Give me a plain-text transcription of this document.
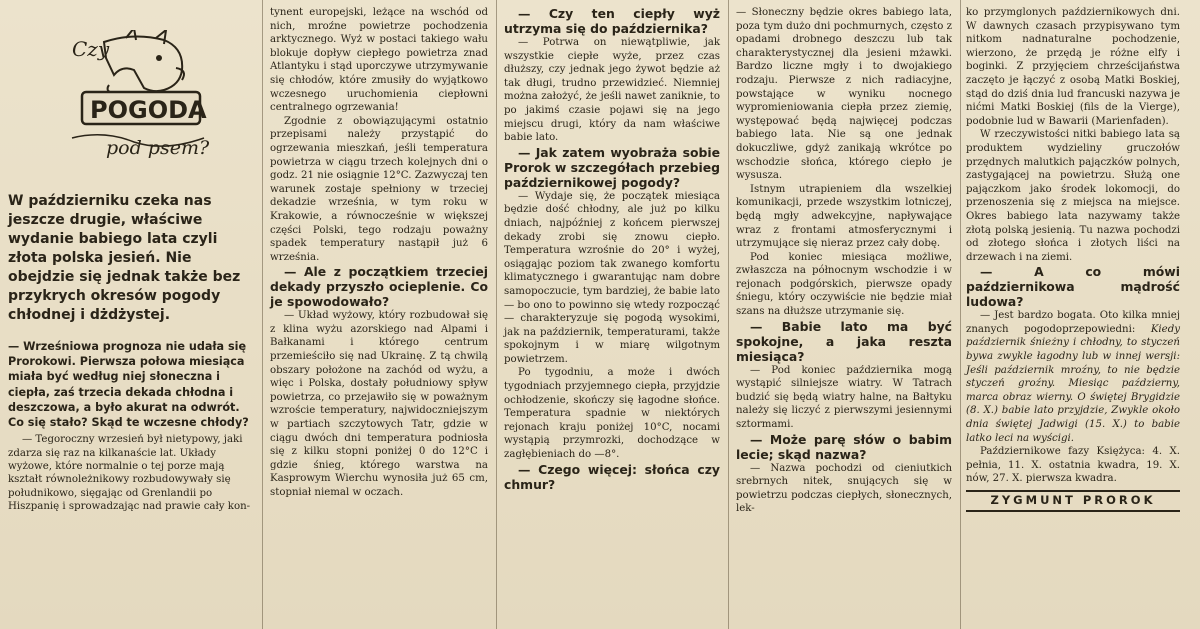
Czy
POGODA
pod psem?

W październiku czeka nas jeszcze drugie, właściwe wydanie babiego lata czyli złota polska jesień. Nie obejdzie się jednak także bez przykrych okresów pogody chłodnej i dżdżystej.

— Wrześniowa prognoza nie udała się Prorokowi. Pierwsza połowa miesiąca miała być według niej słoneczna i ciepła, zaś trzecia dekada chłodna i deszczowa, a było akurat na odwrót. Co się stało? Skąd te wczesne chłody?

— Tegoroczny wrzesień był nietypowy, jaki zdarza się raz na kilkanaście lat. Układy wyżowe, które normalnie o tej porze mają kształt równoleżnikowy rozbudowywały się południkowo, sięgając od Grenlandii po Hiszpanię i sprowadzając nad prawie cały kon-

tynent europejski, leżące na wschód od nich, mroźne powietrze pochodzenia arktycznego. Wyż w postaci takiego wału blokuje dopływ ciepłego powietrza znad Atlantyku i stąd uporczywe utrzymywanie się chłodów, które zmusiły do wyjątkowo wczesnego uruchomienia ciepłowni centralnego ogrzewania!

Zgodnie z obowiązującymi ostatnio przepisami należy przystąpić do ogrzewania mieszkań, jeśli temperatura powietrza w ciągu trzech kolejnych dni o godz. 21 nie osiągnie 12°C. Zazwyczaj ten warunek zostaje spełniony w trzeciej dekadzie września, w tym roku w Krakowie, a równocześnie w większej części Polski, tego rodzaju poważny spadek temperatury nastąpił już 6 września.

— Ale z początkiem trzeciej dekady przyszło ocieplenie. Co je spowodowało?

— Układ wyżowy, który rozbudował się z klina wyżu azorskiego nad Alpami i Bałkanami i którego centrum przemieściło się nad Ukrainę. Z tą chwilą obszary położone na zachód od wyżu, a więc i Polska, dostały południowy spływ powietrza, co przejawiło się w poważnym wzroście temperatury, najwidoczniejszym w partiach szczytowych Tatr, gdzie w ciągu dwóch dni temperatura podniosła się z kilku stopni poniżej 0 do 12°C i gdzie śnieg, którego warstwa na Kasprowym Wierchu wynosiła już 65 cm, stopniał niemal w oczach.

— Czy ten ciepły wyż utrzyma się do października?

— Potrwa on niewątpliwie, jak wszystkie ciepłe wyże, przez czas dłuższy, czy jednak jego żywot będzie aż tak długi, trudno przewidzieć. Niemniej można założyć, że jeśli nawet zaniknie, to po jakimś czasie pojawi się na jego miejscu drugi, który da nam właściwe babie lato.

— Jak zatem wyobraża sobie Prorok w szczegółach przebieg październikowej pogody?

— Wydaje się, że początek miesiąca będzie dość chłodny, ale już po kilku dniach, najpóźniej z końcem pierwszej dekady zrobi się znowu ciepło. Temperatura wzrośnie do 20° i wyżej, osiągając poziom tak zwanego komfortu klimatycznego i gwarantując nam dobre samopoczucie, tym bardziej, że babie lato — bo ono to powinno się wtedy rozpocząć — charakteryzuje się pogodą wysokimi, jak na październik, temperaturami, także spokojnym i w miarę wilgotnym powietrzem.

Po tygodniu, a może i dwóch tygodniach przyjemnego ciepła, przyjdzie ochłodzenie, skończy się łagodne słońce. Temperatura spadnie w niektórych rejonach kraju poniżej 10°C, nocami wystąpią przymrozki, dochodzące w zagłębieniach do —8°.

— Czego więcej: słońca czy chmur?

— Słoneczny będzie okres babiego lata, poza tym dużo dni pochmurnych, często z opadami drobnego deszczu lub tak charakterystycznej dla jesieni mżawki. Bardzo liczne mgły i to dwojakiego rodzaju. Pierwsze z nich radiacyjne, powstające w wyniku nocnego wypromieniowania ciepła przez ziemię, występować będą najwięcej podczas babiego lata. Nie są one jednak dokuczliwe, gdyż zanikają wkrótce po wschodzie słońca, którego ciepło je wysusza.

Istnym utrapieniem dla wszelkiej komunikacji, przede wszystkim lotniczej, będą mgły adwekcyjne, napływające wraz z frontami atmosferycznymi i utrzymujące się nieraz przez cały dobę.

Pod koniec miesiąca możliwe, zwłaszcza na północnym wschodzie i w rejonach podgórskich, pierwsze opady śniegu, który oczywiście nie będzie miał szans na dłuższe utrzymanie się.

— Babie lato ma być spokojne, a jaka reszta miesiąca?

— Pod koniec października mogą wystąpić silniejsze wiatry. W Tatrach budzić się będą wiatry halne, na Bałtyku należy się liczyć z pierwszymi jesiennymi sztormami.

— Może parę słów o babim lecie; skąd nazwa?

— Nazwa pochodzi od cieniutkich srebrnych nitek, snujących się w powietrzu podczas ciepłych, słonecznych, lek-

ko przymglonych październikowych dni. W dawnych czasach przypisywano tym nitkom nadnaturalne pochodzenie, wierzono, że przędą je różne elfy i boginki. Z przyjęciem chrześcijaństwa zaczęto je łączyć z osobą Matki Boskiej, stąd do dziś dnia lud francuski nazywa je nićmi Matki Boskiej (fils de la Vierge), podobnie lud w Bawarii (Marienfaden).

W rzeczywistości nitki babiego lata są produktem wydzieliny gruczołów przędnych malutkich pajączków polnych, zastygającej na powietrzu. Służą one pajączkom jako środek lokomocji, do przenoszenia się z miejsca na miejsce. Okres babiego lata nazywamy także złotą polską jesienią. Tu nazwa pochodzi od złotego słońca i złotych liści na drzewach i na ziemi.

— A co mówi październikowa mądrość ludowa?

— Jest bardzo bogata. Oto kilka mniej znanych pogodoprzepowiedni: Kiedy październik śnieżny i chłodny, to styczeń bywa zwykle łagodny lub w innej wersji: Jeśli październik mroźny, to nie będzie styczeń groźny. Miesiąc październy, marca obraz wierny. O świętej Brygidzie (8. X.) babie lato przyjdzie, Zwykle około dnia świętej Jadwigi (15. X.) to babie latko leci na wyścigi.

Październikowe fazy Księżyca: 4. X. pełnia, 11. X. ostatnia kwadra, 19. X. nów, 27. X. pierwsza kwadra.

ZYGMUNT PROROK
